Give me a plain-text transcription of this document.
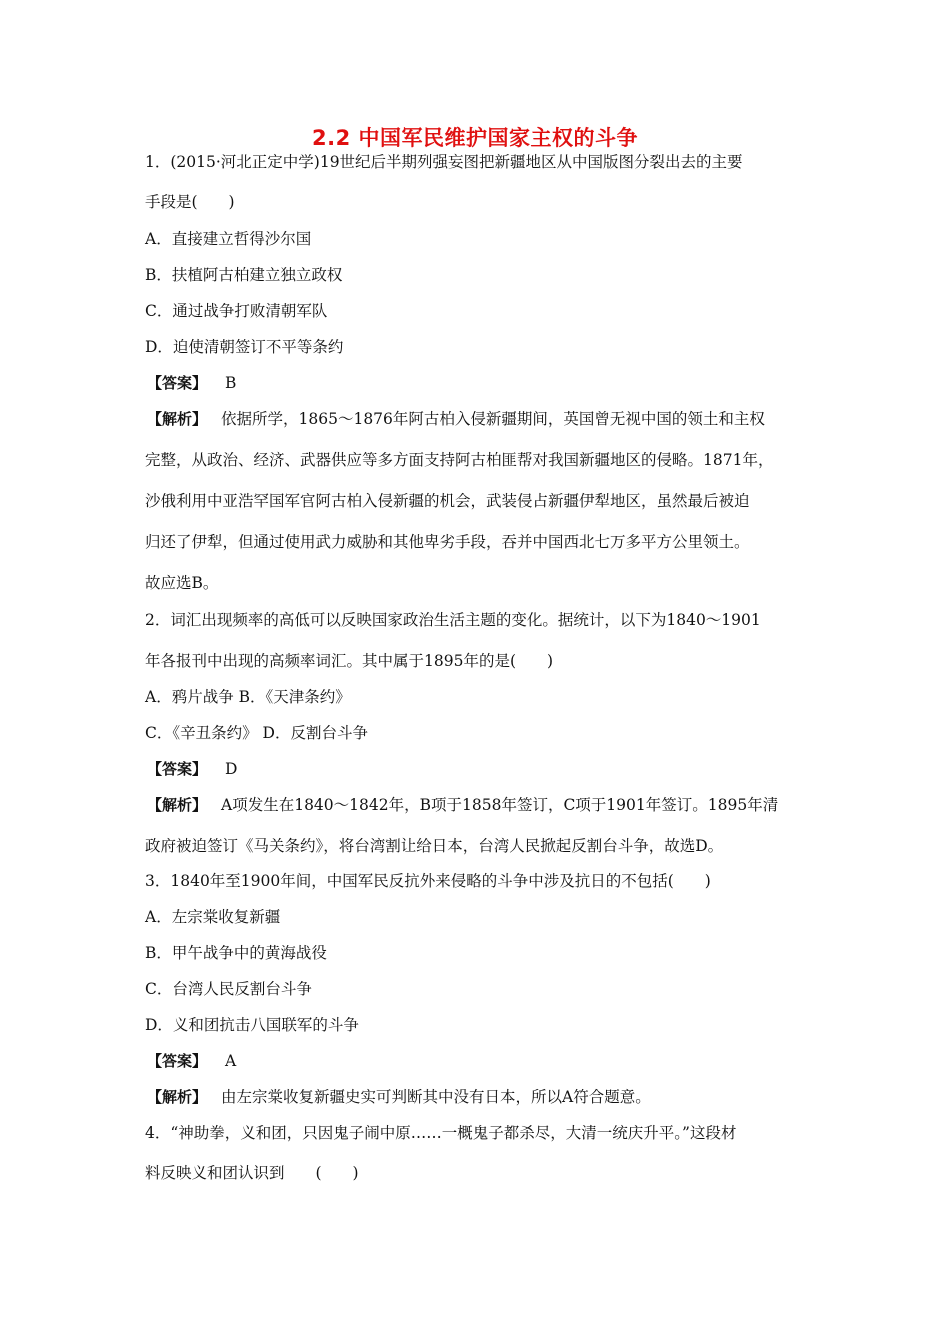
2.2 中国军民维护国家主权的斗争
1．(2015·河北正定中学)19世纪后半期列强妄图把新疆地区从中国版图分裂出去的主要
手段是(　　)
A．直接建立哲得沙尔国
B．扶植阿古柏建立独立政权
C．通过战争打败清朝军队
D．迫使清朝签订不平等条约
【答案】 B
【解析】 依据所学，1865～1876年阿古柏入侵新疆期间，英国曾无视中国的领土和主权
完整，从政治、经济、武器供应等多方面支持阿古柏匪帮对我国新疆地区的侵略。1871年，
沙俄利用中亚浩罕国军官阿古柏入侵新疆的机会，武装侵占新疆伊犁地区，虽然最后被迫
归还了伊犁，但通过使用武力威胁和其他卑劣手段，吞并中国西北七万多平方公里领土。
故应选B。
2．词汇出现频率的高低可以反映国家政治生活主题的变化。据统计，以下为1840～1901
年各报刊中出现的高频率词汇。其中属于1895年的是(　　)
A．鸦片战争 B．《天津条约》
C．《辛丑条约》 D．反割台斗争
【答案】 D
【解析】 A项发生在1840～1842年，B项于1858年签订，C项于1901年签订。1895年清
政府被迫签订《马关条约》，将台湾割让给日本，台湾人民掀起反割台斗争，故选D。
3．1840年至1900年间，中国军民反抗外来侵略的斗争中涉及抗日的不包括(　　)
A．左宗棠收复新疆
B．甲午战争中的黄海战役
C．台湾人民反割台斗争
D．义和团抗击八国联军的斗争
【答案】 A
【解析】 由左宗棠收复新疆史实可判断其中没有日本，所以A符合题意。
4．“神助拳，义和团，只因鬼子闹中原……一概鬼子都杀尽，大清一统庆升平。”这段材
料反映义和团认识到　　(　　)
